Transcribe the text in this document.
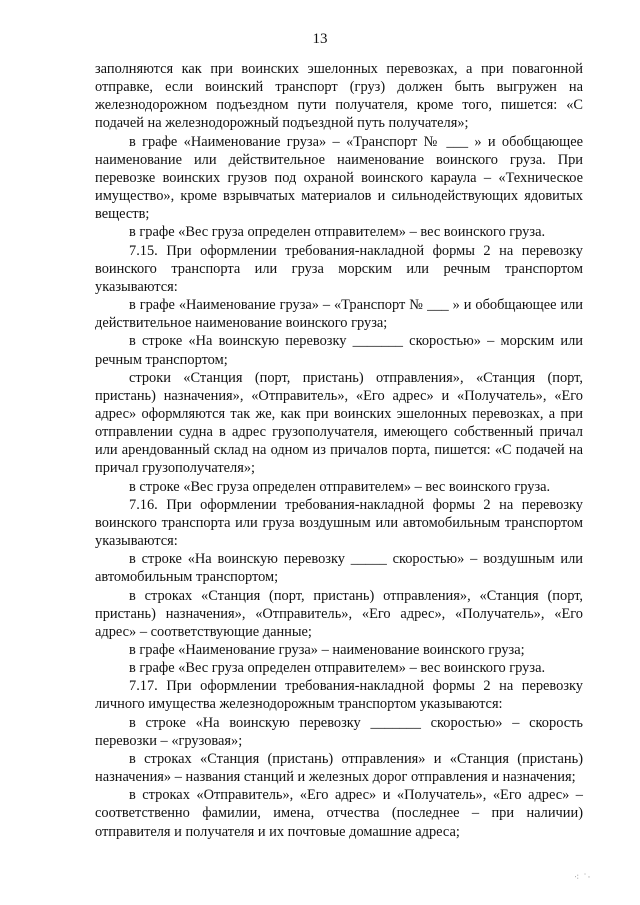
13

заполняются как при воинских эшелонных перевозках, а при повагонной отправке, если воинский транспорт (груз) должен быть выгружен на железнодорожном подъездном пути получателя, кроме того, пишется: «С подачей на железнодорожный подъездной путь получателя»;

в графе «Наименование груза» – «Транспорт № ___ » и обобщающее наименование или действительное наименование воинского груза. При перевозке воинских грузов под охраной воинского караула – «Техническое имущество», кроме взрывчатых материалов и сильнодействующих ядовитых веществ;

в графе «Вес груза определен отправителем» – вес воинского груза.

7.15. При оформлении требования-накладной формы 2 на перевозку воинского транспорта или груза морским или речным транспортом указываются:

в графе «Наименование груза» – «Транспорт № ___ » и обобщающее или действительное наименование воинского груза;

в строке «На воинскую перевозку _______ скоростью» – морским или речным транспортом;

строки «Станция (порт, пристань) отправления», «Станция (порт, пристань) назначения», «Отправитель», «Его адрес» и «Получатель», «Его адрес» оформляются так же, как при воинских эшелонных перевозках, а при отправлении судна в адрес грузополучателя, имеющего собственный причал или арендованный склад на одном из причалов порта, пишется: «С подачей на причал грузополучателя»;

в строке «Вес груза определен отправителем» – вес воинского груза.

7.16. При оформлении требования-накладной формы 2 на перевозку воинского транспорта или груза воздушным или автомобильным транспортом указываются:

в строке «На воинскую перевозку _____ скоростью» – воздушным или автомобильным транспортом;

в строках «Станция (порт, пристань) отправления», «Станция (порт, пристань) назначения», «Отправитель», «Его адрес», «Получатель», «Его адрес» – соответствующие данные;

в графе «Наименование груза» – наименование воинского груза;

в графе «Вес груза определен отправителем» – вес воинского груза.

7.17. При оформлении требования-накладной формы 2 на перевозку личного имущества железнодорожным транспортом указываются:

в строке «На воинскую перевозку _______ скоростью» – скорость перевозки – «грузовая»;

в строках «Станция (пристань) отправления» и «Станция (пристань) назначения» – названия станций и железных дорог отправления и назначения;

в строках «Отправитель», «Его адрес» и «Получатель», «Его адрес» – соответственно фамилии, имена, отчества (последнее – при наличии) отправителя и получателя и их почтовые домашние адреса;

⁖ ˙·
